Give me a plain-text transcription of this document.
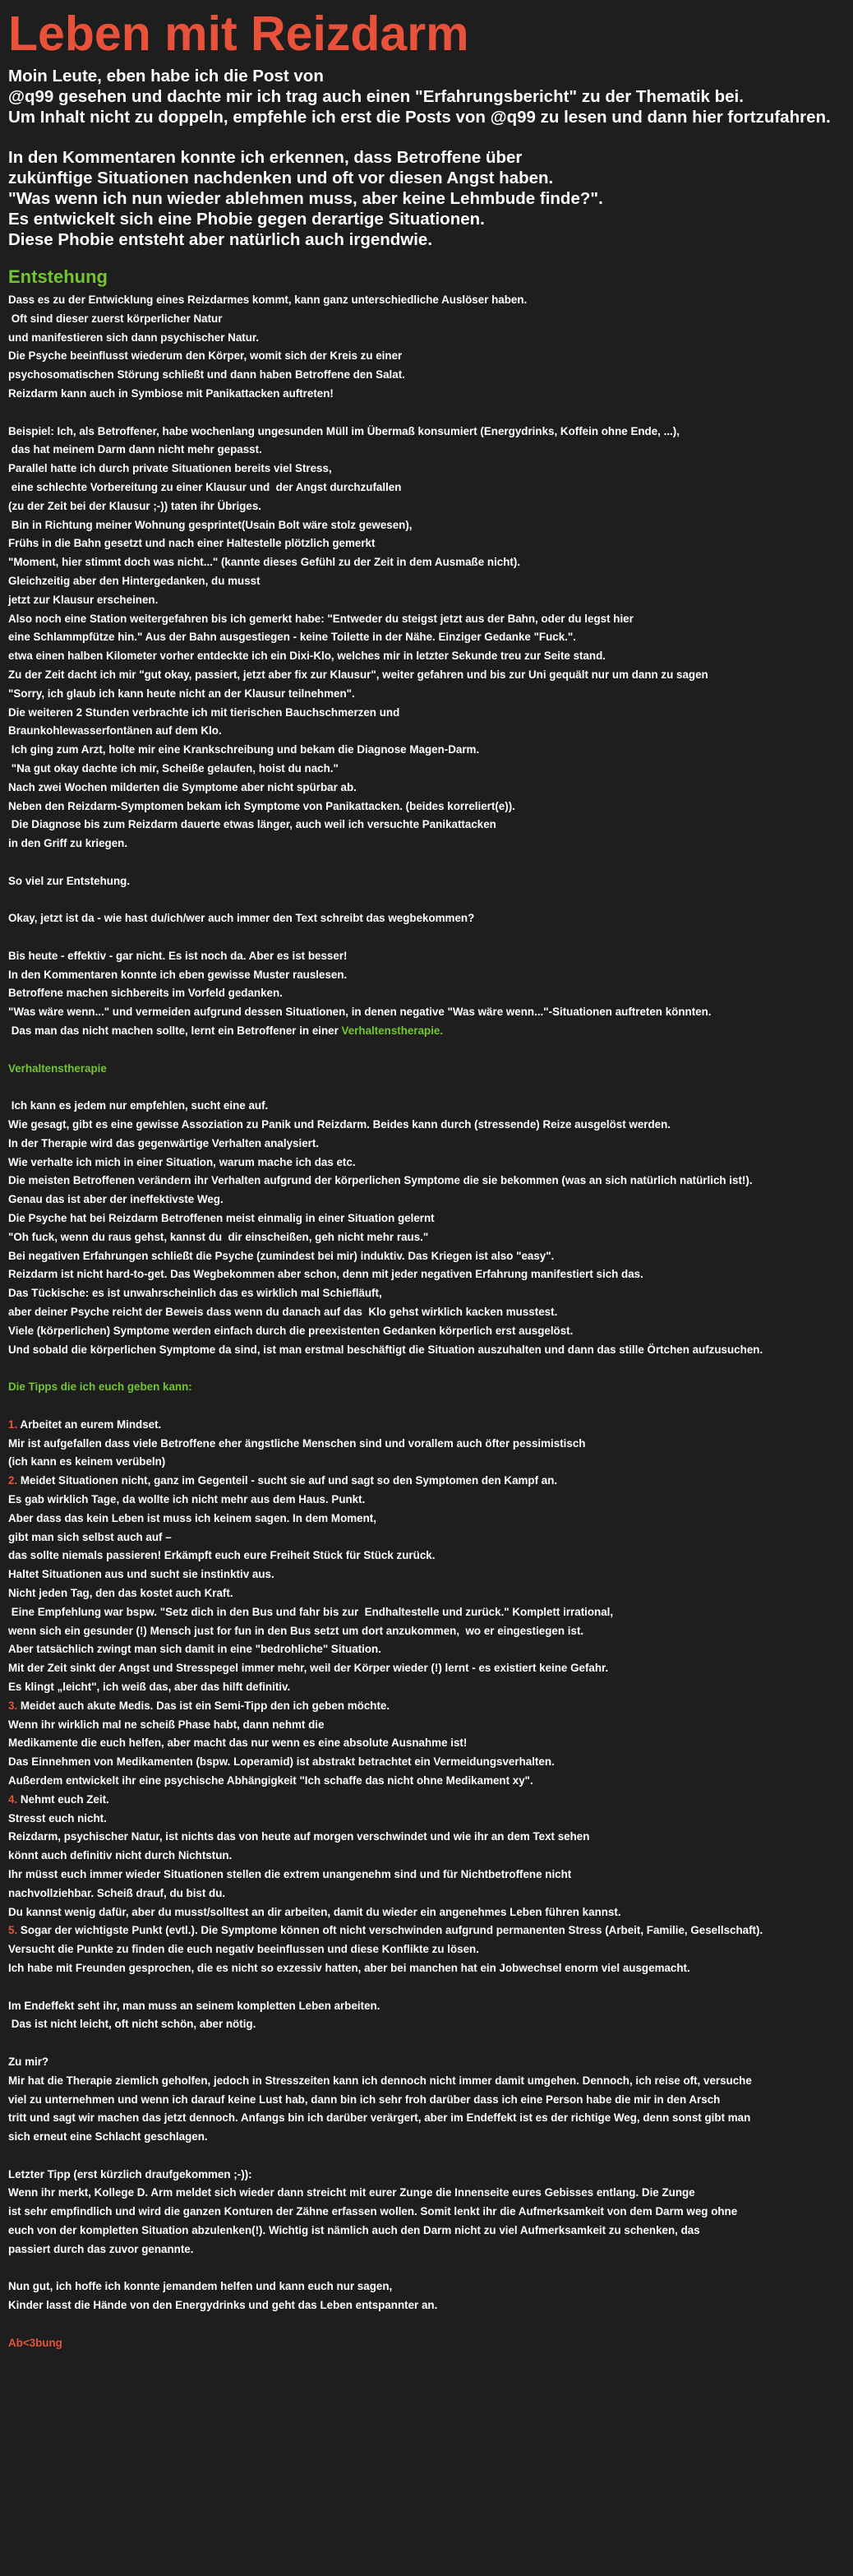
Leben mit Reizdarm

Moin Leute, eben habe ich die Post von

@q99 gesehen und dachte mir ich trag auch einen "Erfahrungsbericht" zu der Thematik bei.

Um Inhalt nicht zu doppeln, empfehle ich erst die Posts von @q99 zu lesen und dann hier fortzufahren.

In den Kommentaren konnte ich erkennen, dass Betroffene über

zukünftige Situationen nachdenken und oft vor diesen Angst haben.

"Was wenn ich nun wieder ablehmen muss, aber keine Lehmbude finde?".

Es entwickelt sich eine Phobie gegen derartige Situationen.

Diese Phobie entsteht aber natürlich auch irgendwie.

Entstehung
Dass es zu der Entwicklung eines Reizdarmes kommt, kann ganz unterschiedliche Auslöser haben.
Oft sind dieser zuerst körperlicher Natur
und manifestieren sich dann psychischer Natur.
Die Psyche beeinflusst wiederum den Körper, womit sich der Kreis zu einer
psychosomatischen Störung schließt und dann haben Betroffene den Salat.
Reizdarm kann auch in Symbiose mit Panikattacken auftreten!
Beispiel: Ich, als Betroffener, habe wochenlang ungesunden Müll im Übermaß konsumiert (Energydrinks, Koffein ohne Ende, ...),
das hat meinem Darm dann nicht mehr gepasst.
Parallel hatte ich durch private Situationen bereits viel Stress,
eine schlechte Vorbereitung zu einer Klausur und  der Angst durchzufallen
(zu der Zeit bei der Klausur ;-)) taten ihr Übriges.
Bin in Richtung meiner Wohnung gesprintet(Usain Bolt wäre stolz gewesen),
Frühs in die Bahn gesetzt und nach einer Haltestelle plötzlich gemerkt
"Moment, hier stimmt doch was nicht..." (kannte dieses Gefühl zu der Zeit in dem Ausmaße nicht).
Gleichzeitig aber den Hintergedanken, du musst
jetzt zur Klausur erscheinen.
Also noch eine Station weitergefahren bis ich gemerkt habe: "Entweder du steigst jetzt aus der Bahn, oder du legst hier
eine Schlammpfütze hin." Aus der Bahn ausgestiegen - keine Toilette in der Nähe. Einziger Gedanke "Fuck.".
etwa einen halben Kilometer vorher entdeckte ich ein Dixi-Klo, welches mir in letzter Sekunde treu zur Seite stand.
Zu der Zeit dacht ich mir "gut okay, passiert, jetzt aber fix zur Klausur", weiter gefahren und bis zur Uni gequält nur um dann zu sagen
"Sorry, ich glaub ich kann heute nicht an der Klausur teilnehmen".
Die weiteren 2 Stunden verbrachte ich mit tierischen Bauchschmerzen und
Braunkohlewasserfontänen auf dem Klo.
Ich ging zum Arzt, holte mir eine Krankschreibung und bekam die Diagnose Magen-Darm.
"Na gut okay dachte ich mir, Scheiße gelaufen, hoist du nach."
Nach zwei Wochen milderten die Symptome aber nicht spürbar ab.
Neben den Reizdarm-Symptomen bekam ich Symptome von Panikattacken. (beides korreliert(e)).
Die Diagnose bis zum Reizdarm dauerte etwas länger, auch weil ich versuchte Panikattacken
in den Griff zu kriegen.
So viel zur Entstehung.
Okay, jetzt ist da - wie hast du/ich/wer auch immer den Text schreibt das wegbekommen?
Bis heute - effektiv - gar nicht. Es ist noch da. Aber es ist besser!
In den Kommentaren konnte ich eben gewisse Muster rauslesen.
Betroffene machen sichbereits im Vorfeld gedanken.
"Was wäre wenn..." und vermeiden aufgrund dessen Situationen, in denen negative "Was wäre wenn..."-Situationen auftreten könnten.
Das man das nicht machen sollte, lernt ein Betroffener in einer Verhaltenstherapie.
Verhaltenstherapie
Ich kann es jedem nur empfehlen, sucht eine auf.
Wie gesagt, gibt es eine gewisse Assoziation zu Panik und Reizdarm. Beides kann durch (stressende) Reize ausgelöst werden.
In der Therapie wird das gegenwärtige Verhalten analysiert.
Wie verhalte ich mich in einer Situation, warum mache ich das etc.
Die meisten Betroffenen verändern ihr Verhalten aufgrund der körperlichen Symptome die sie bekommen (was an sich natürlich natürlich ist!).
Genau das ist aber der ineffektivste Weg.
Die Psyche hat bei Reizdarm Betroffenen meist einmalig in einer Situation gelernt
"Oh fuck, wenn du raus gehst, kannst du  dir einscheißen, geh nicht mehr raus."
Bei negativen Erfahrungen schließt die Psyche (zumindest bei mir) induktiv. Das Kriegen ist also "easy".
Reizdarm ist nicht hard-to-get. Das Wegbekommen aber schon, denn mit jeder negativen Erfahrung manifestiert sich das.
Das Tückische: es ist unwahrscheinlich das es wirklich mal Schiefläuft,
aber deiner Psyche reicht der Beweis dass wenn du danach auf das  Klo gehst wirklich kacken musstest.
Viele (körperlichen) Symptome werden einfach durch die preexistenten Gedanken körperlich erst ausgelöst.
Und sobald die körperlichen Symptome da sind, ist man erstmal beschäftigt die Situation auszuhalten und dann das stille Örtchen aufzusuchen.
Die Tipps die ich euch geben kann:
1. Arbeitet an eurem Mindset.
Mir ist aufgefallen dass viele Betroffene eher ängstliche Menschen sind und vorallem auch öfter pessimistisch
(ich kann es keinem verübeln)
2. Meidet Situationen nicht, ganz im Gegenteil - sucht sie auf und sagt so den Symptomen den Kampf an.
Es gab wirklich Tage, da wollte ich nicht mehr aus dem Haus. Punkt.
Aber dass das kein Leben ist muss ich keinem sagen. In dem Moment,
gibt man sich selbst auch auf –
das sollte niemals passieren! Erkämpft euch eure Freiheit Stück für Stück zurück.
Haltet Situationen aus und sucht sie instinktiv aus.
Nicht jeden Tag, den das kostet auch Kraft.
Eine Empfehlung war bspw. "Setz dich in den Bus und fahr bis zur  Endhaltestelle und zurück." Komplett irrational,
wenn sich ein gesunder (!) Mensch just for fun in den Bus setzt um dort anzukommen,  wo er eingestiegen ist.
Aber tatsächlich zwingt man sich damit in eine "bedrohliche" Situation.
Mit der Zeit sinkt der Angst und Stresspegel immer mehr, weil der Körper wieder (!) lernt - es existiert keine Gefahr.
Es klingt „leicht", ich weiß das, aber das hilft definitiv.
3. Meidet auch akute Medis. Das ist ein Semi-Tipp den ich geben möchte.
Wenn ihr wirklich mal ne scheiß Phase habt, dann nehmt die
Medikamente die euch helfen, aber macht das nur wenn es eine absolute Ausnahme ist!
Das Einnehmen von Medikamenten (bspw. Loperamid) ist abstrakt betrachtet ein Vermeidungsverhalten.
Außerdem entwickelt ihr eine psychische Abhängigkeit "Ich schaffe das nicht ohne Medikament xy".
4. Nehmt euch Zeit.
Stresst euch nicht.
Reizdarm, psychischer Natur, ist nichts das von heute auf morgen verschwindet und wie ihr an dem Text sehen
könnt auch definitiv nicht durch Nichtstun.
Ihr müsst euch immer wieder Situationen stellen die extrem unangenehm sind und für Nichtbetroffene nicht
nachvollziehbar. Scheiß drauf, du bist du.
Du kannst wenig dafür, aber du musst/solltest an dir arbeiten, damit du wieder ein angenehmes Leben führen kannst.
5. Sogar der wichtigste Punkt (evtl.). Die Symptome können oft nicht verschwinden aufgrund permanenten Stress (Arbeit, Familie, Gesellschaft).
Versucht die Punkte zu finden die euch negativ beeinflussen und diese Konflikte zu lösen.
Ich habe mit Freunden gesprochen, die es nicht so exzessiv hatten, aber bei manchen hat ein Jobwechsel enorm viel ausgemacht.
Im Endeffekt seht ihr, man muss an seinem kompletten Leben arbeiten.
Das ist nicht leicht, oft nicht schön, aber nötig.
Zu mir?
Mir hat die Therapie ziemlich geholfen, jedoch in Stresszeiten kann ich dennoch nicht immer damit umgehen. Dennoch, ich reise oft, versuche
viel zu unternehmen und wenn ich darauf keine Lust hab, dann bin ich sehr froh darüber dass ich eine Person habe die mir in den Arsch
tritt und sagt wir machen das jetzt dennoch. Anfangs bin ich darüber verärgert, aber im Endeffekt ist es der richtige Weg, denn sonst gibt man
sich erneut eine Schlacht geschlagen.
Letzter Tipp (erst kürzlich draufgekommen ;-)):
Wenn ihr merkt, Kollege D. Arm meldet sich wieder dann streicht mit eurer Zunge die Innenseite eures Gebisses entlang. Die Zunge
ist sehr empfindlich und wird die ganzen Konturen der Zähne erfassen wollen. Somit lenkt ihr die Aufmerksamkeit von dem Darm weg ohne
euch von der kompletten Situation abzulenken(!). Wichtig ist nämlich auch den Darm nicht zu viel Aufmerksamkeit zu schenken, das
passiert durch das zuvor genannte.
Nun gut, ich hoffe ich konnte jemandem helfen und kann euch nur sagen,
Kinder lasst die Hände von den Energydrinks und geht das Leben entspannter an.
Ab<3bung
